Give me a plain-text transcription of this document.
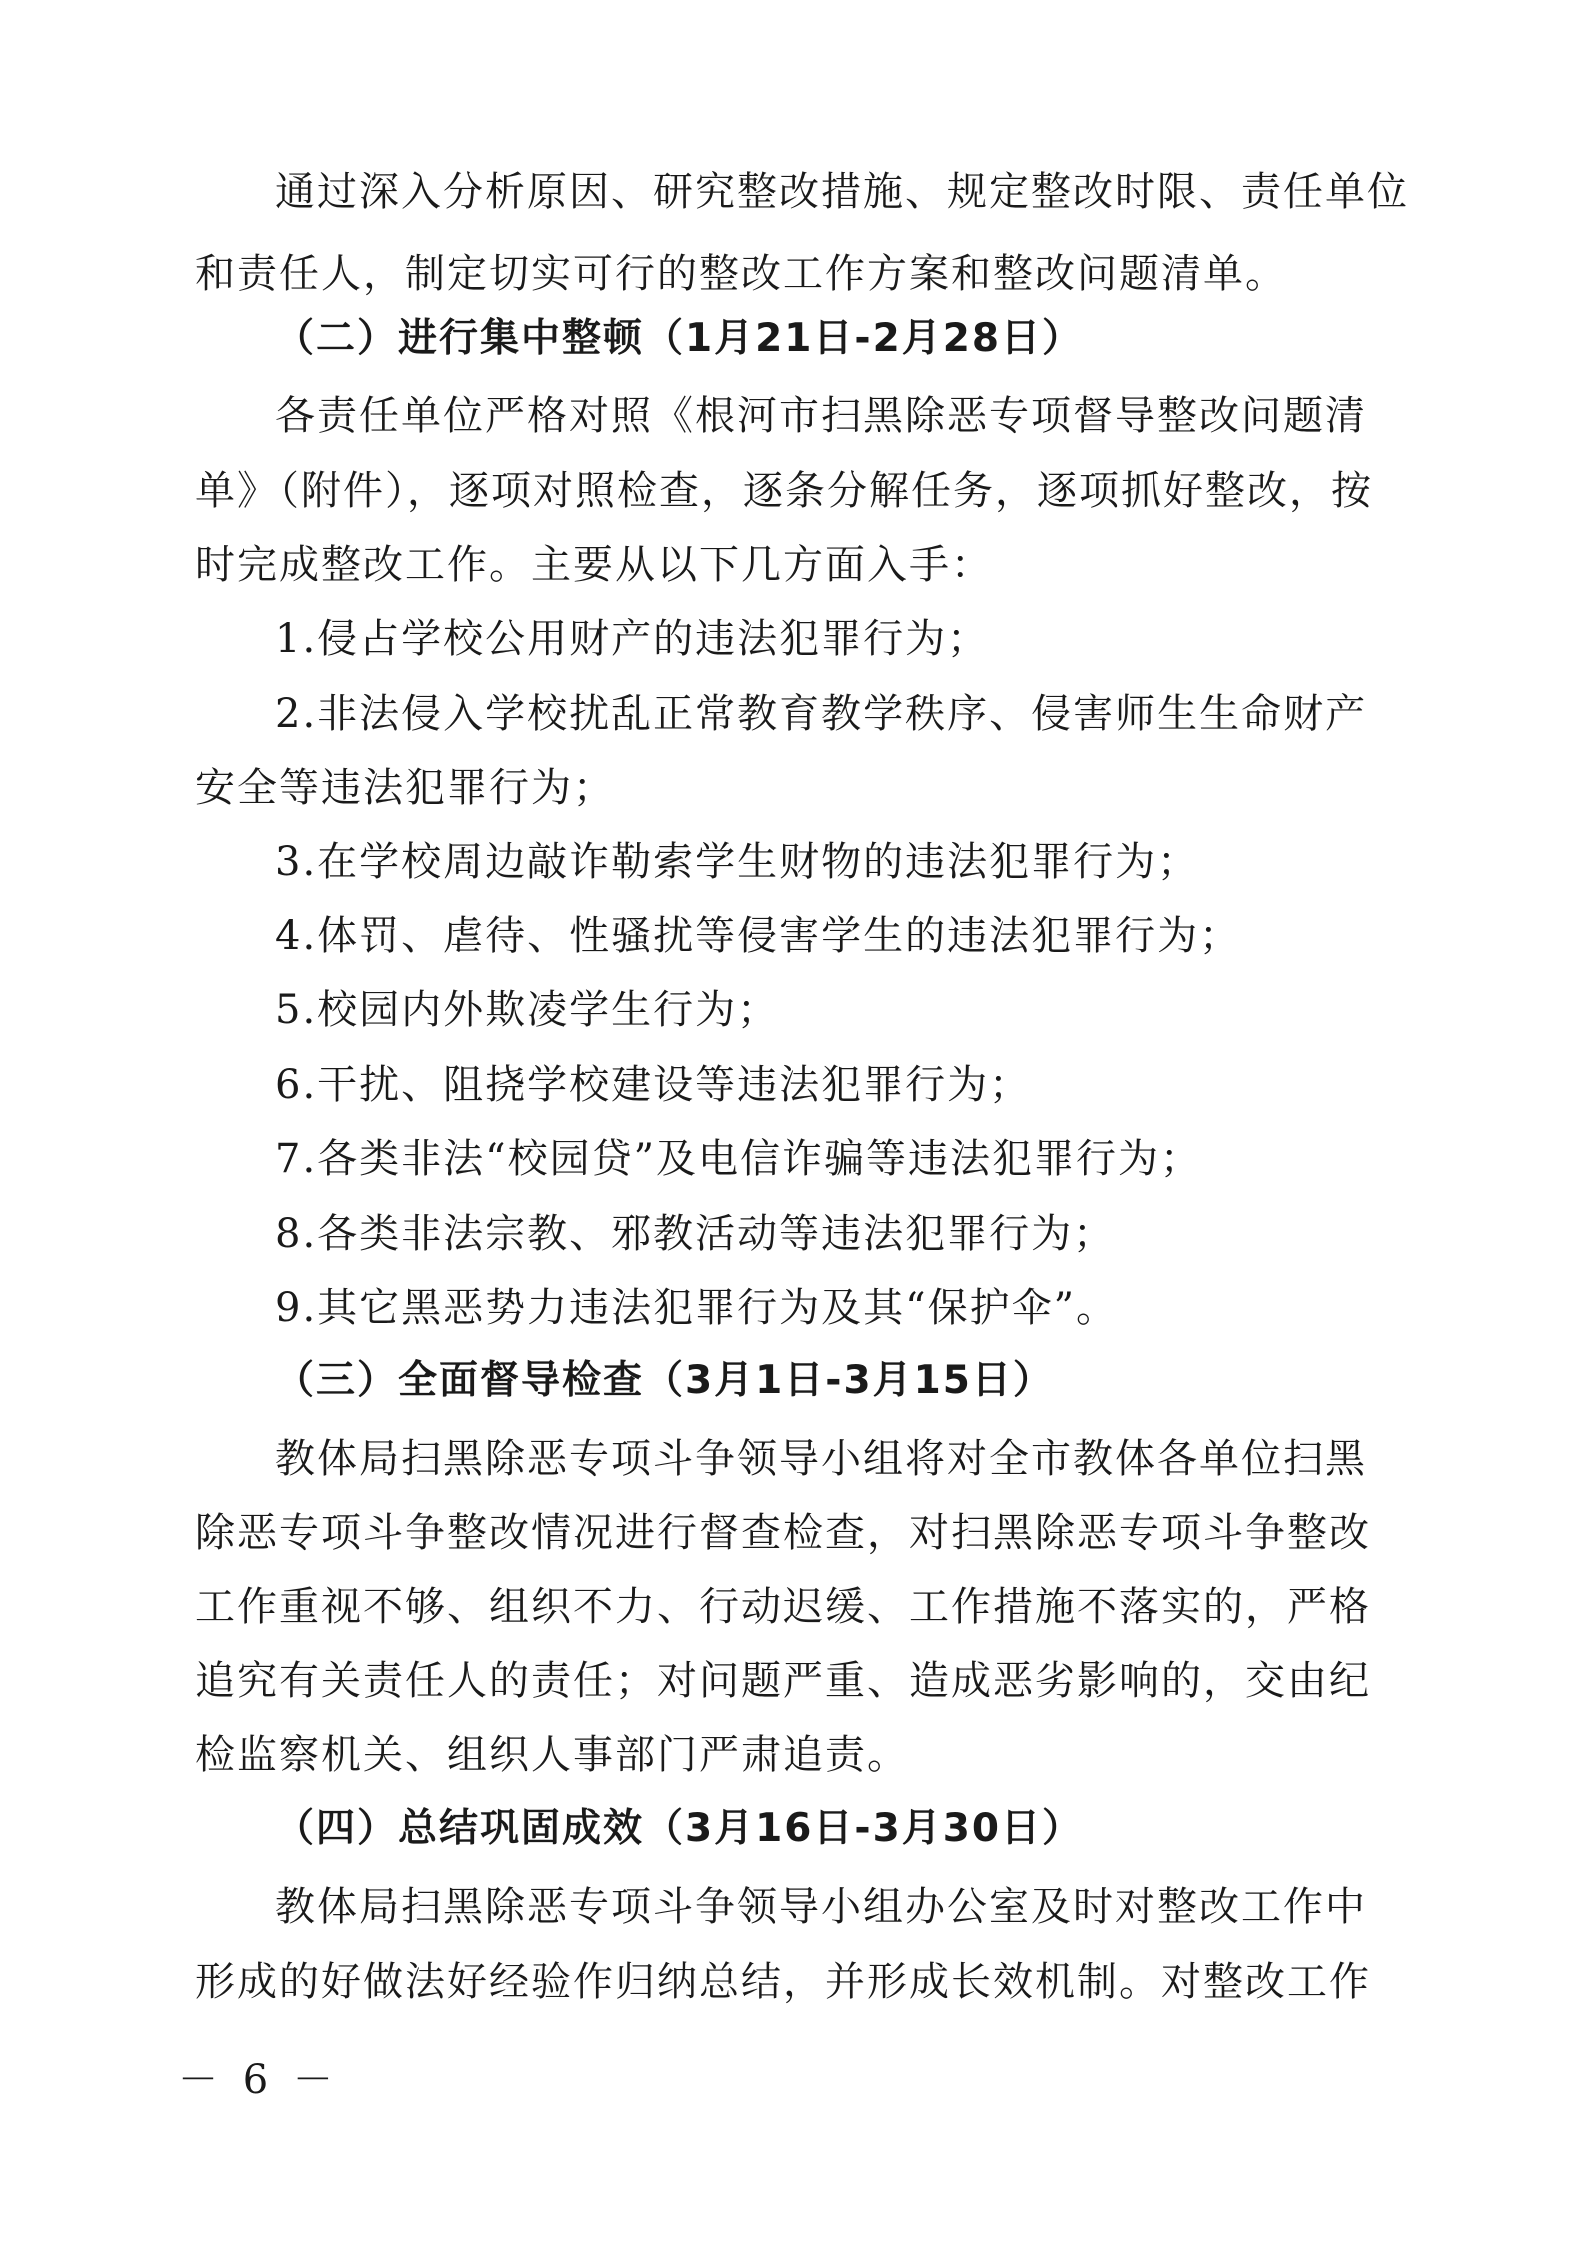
通过深入分析原因、研究整改措施、规定整改时限、责任单位
和责任人，制定切实可行的整改工作方案和整改问题清单。
（二）进行集中整顿（1月21日-2月28日）
各责任单位严格对照《根河市扫黑除恶专项督导整改问题清
单》（附件），逐项对照检查，逐条分解任务，逐项抓好整改，按
时完成整改工作。主要从以下几方面入手：
1.侵占学校公用财产的违法犯罪行为；
2.非法侵入学校扰乱正常教育教学秩序、侵害师生生命财产
安全等违法犯罪行为；
3.在学校周边敲诈勒索学生财物的违法犯罪行为；
4.体罚、虐待、性骚扰等侵害学生的违法犯罪行为；
5.校园内外欺凌学生行为；
6.干扰、阻挠学校建设等违法犯罪行为；
7.各类非法“校园贷”及电信诈骗等违法犯罪行为；
8.各类非法宗教、邪教活动等违法犯罪行为；
9.其它黑恶势力违法犯罪行为及其“保护伞”。
（三）全面督导检查（3月1日-3月15日）
教体局扫黑除恶专项斗争领导小组将对全市教体各单位扫黑
除恶专项斗争整改情况进行督查检查，对扫黑除恶专项斗争整改
工作重视不够、组织不力、行动迟缓、工作措施不落实的，严格
追究有关责任人的责任；对问题严重、造成恶劣影响的，交由纪
检监察机关、组织人事部门严肃追责。
（四）总结巩固成效（3月16日-3月30日）
教体局扫黑除恶专项斗争领导小组办公室及时对整改工作中
形成的好做法好经验作归纳总结，并形成长效机制。对整改工作
－ 6 －
